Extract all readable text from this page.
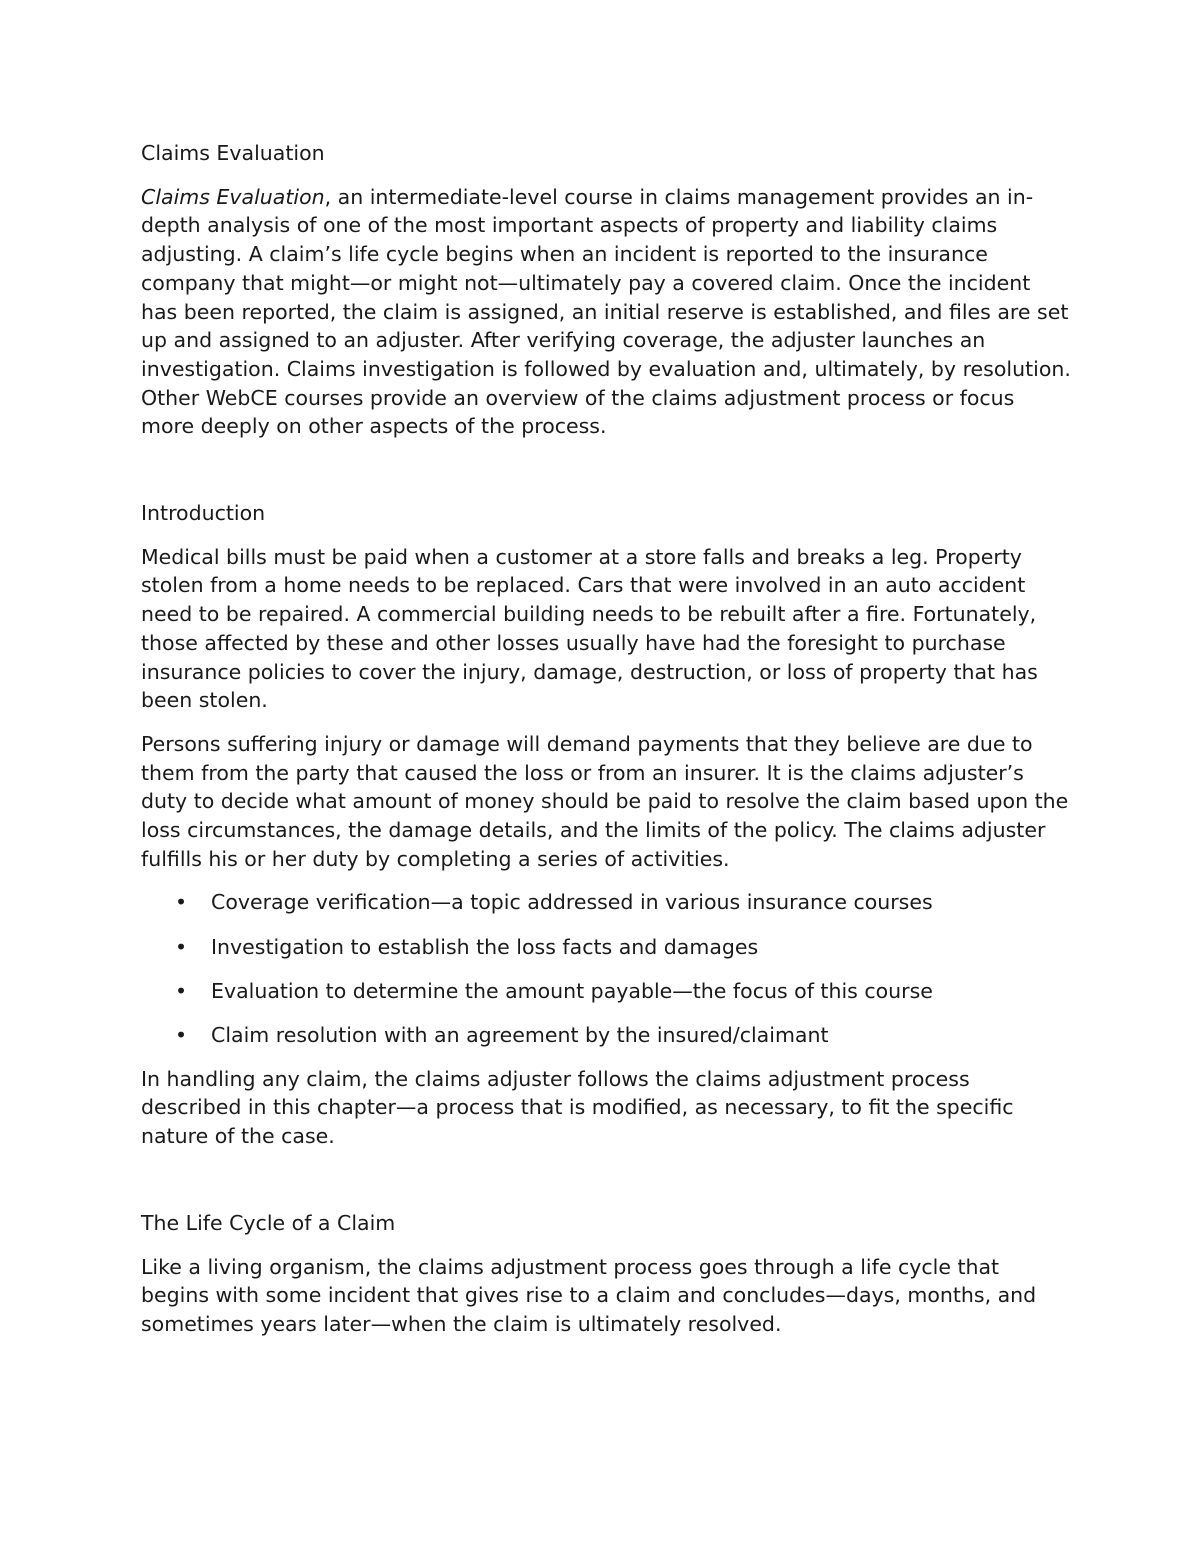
Claims Evaluation

Claims Evaluation, an intermediate-level course in claims management provides an in-depth analysis of one of the most important aspects of property and liability claims adjusting. A claim’s life cycle begins when an incident is reported to the insurance company that might—or might not—ultimately pay a covered claim. Once the incident has been reported, the claim is assigned, an initial reserve is established, and files are set up and assigned to an adjuster. After verifying coverage, the adjuster launches an investigation. Claims investigation is followed by evaluation and, ultimately, by resolution. Other WebCE courses provide an overview of the claims adjustment process or focus more deeply on other aspects of the process.

Introduction

Medical bills must be paid when a customer at a store falls and breaks a leg. Property stolen from a home needs to be replaced. Cars that were involved in an auto accident need to be repaired. A commercial building needs to be rebuilt after a fire. Fortunately, those affected by these and other losses usually have had the foresight to purchase insurance policies to cover the injury, damage, destruction, or loss of property that has been stolen.

Persons suffering injury or damage will demand payments that they believe are due to them from the party that caused the loss or from an insurer. It is the claims adjuster’s duty to decide what amount of money should be paid to resolve the claim based upon the loss circumstances, the damage details, and the limits of the policy. The claims adjuster fulfills his or her duty by completing a series of activities.

• Coverage verification—a topic addressed in various insurance courses
• Investigation to establish the loss facts and damages
• Evaluation to determine the amount payable—the focus of this course
• Claim resolution with an agreement by the insured/claimant

In handling any claim, the claims adjuster follows the claims adjustment process described in this chapter—a process that is modified, as necessary, to fit the specific nature of the case.

The Life Cycle of a Claim

Like a living organism, the claims adjustment process goes through a life cycle that begins with some incident that gives rise to a claim and concludes—days, months, and sometimes years later—when the claim is ultimately resolved.
